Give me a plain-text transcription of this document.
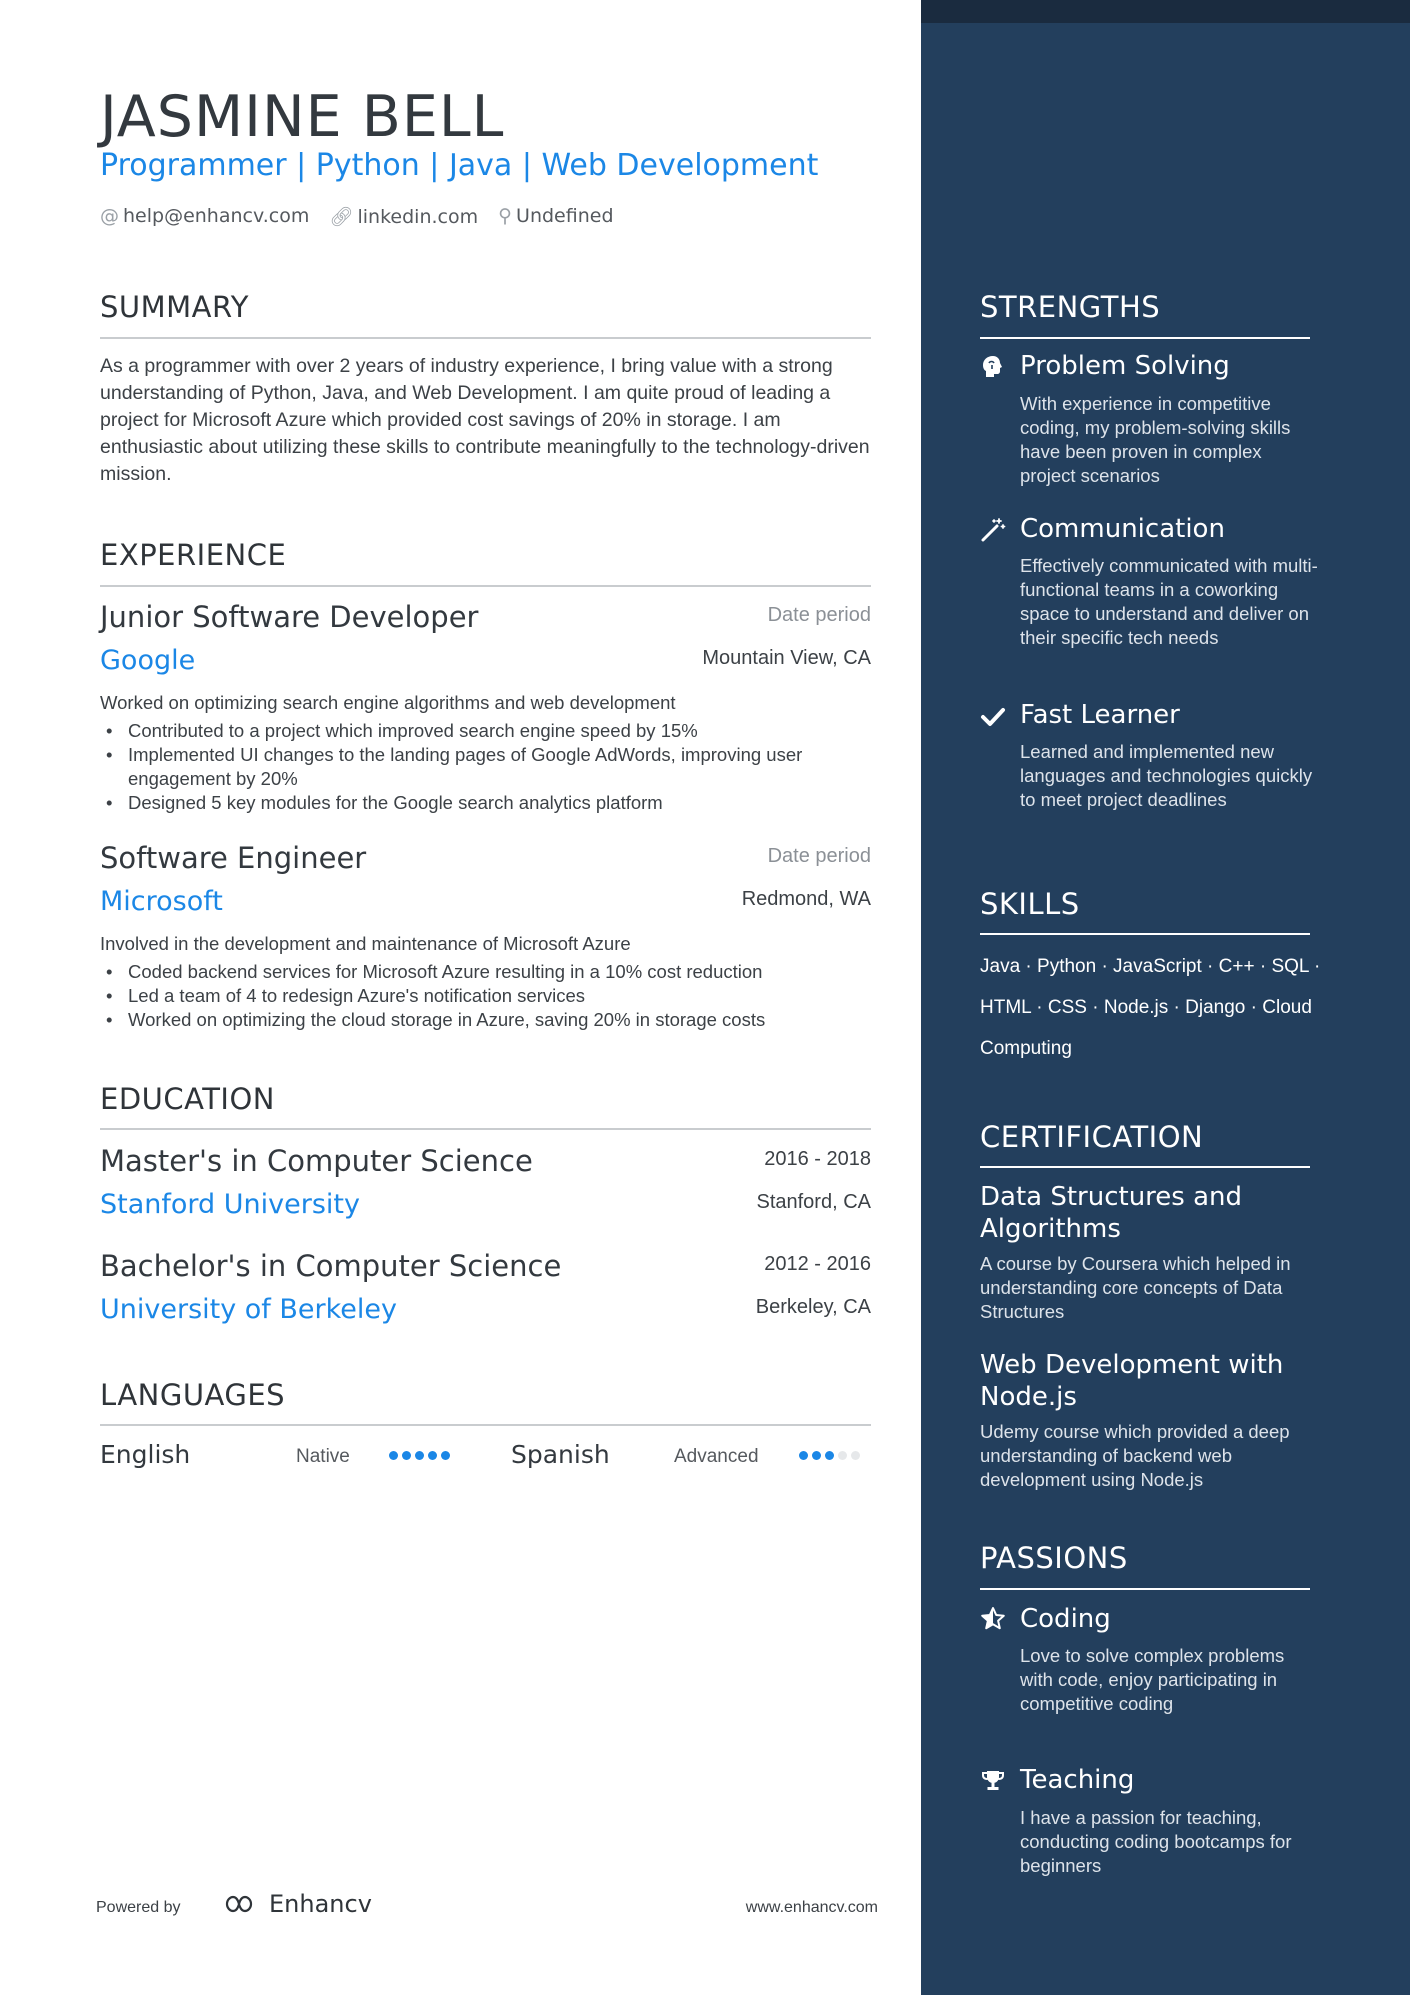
JASMINE BELL
Programmer | Python | Java | Web Development
@ help@enhancv.com 🔗︎ linkedin.com ⚲ Undefined
SUMMARY
As a programmer with over 2 years of industry experience, I bring value with a strong understanding of Python, Java, and Web Development. I am quite proud of leading a project for Microsoft Azure which provided cost savings of 20% in storage. I am enthusiastic about utilizing these skills to contribute meaningfully to the technology-driven mission.
EXPERIENCE
Junior Software Developer	Date period
Google	Mountain View, CA
Worked on optimizing search engine algorithms and web development
• Contributed to a project which improved search engine speed by 15%
• Implemented UI changes to the landing pages of Google AdWords, improving user engagement by 20%
• Designed 5 key modules for the Google search analytics platform
Software Engineer	Date period
Microsoft	Redmond, WA
Involved in the development and maintenance of Microsoft Azure
• Coded backend services for Microsoft Azure resulting in a 10% cost reduction
• Led a team of 4 to redesign Azure's notification services
• Worked on optimizing the cloud storage in Azure, saving 20% in storage costs
EDUCATION
Master's in Computer Science	2016 - 2018
Stanford University	Stanford, CA
Bachelor's in Computer Science	2012 - 2016
University of Berkeley	Berkeley, CA
LANGUAGES
English	Native	Spanish	Advanced
Powered by	Enhancv	www.enhancv.com
STRENGTHS
Problem Solving
With experience in competitive coding, my problem-solving skills have been proven in complex project scenarios
Communication
Effectively communicated with multi-functional teams in a coworking space to understand and deliver on their specific tech needs
Fast Learner
Learned and implemented new languages and technologies quickly to meet project deadlines
SKILLS
Java · Python · JavaScript · C++ · SQL · HTML · CSS · Node.js · Django · Cloud Computing
CERTIFICATION
Data Structures and Algorithms
A course by Coursera which helped in understanding core concepts of Data Structures
Web Development with Node.js
Udemy course which provided a deep understanding of backend web development using Node.js
PASSIONS
Coding
Love to solve complex problems with code, enjoy participating in competitive coding
Teaching
I have a passion for teaching, conducting coding bootcamps for beginners
